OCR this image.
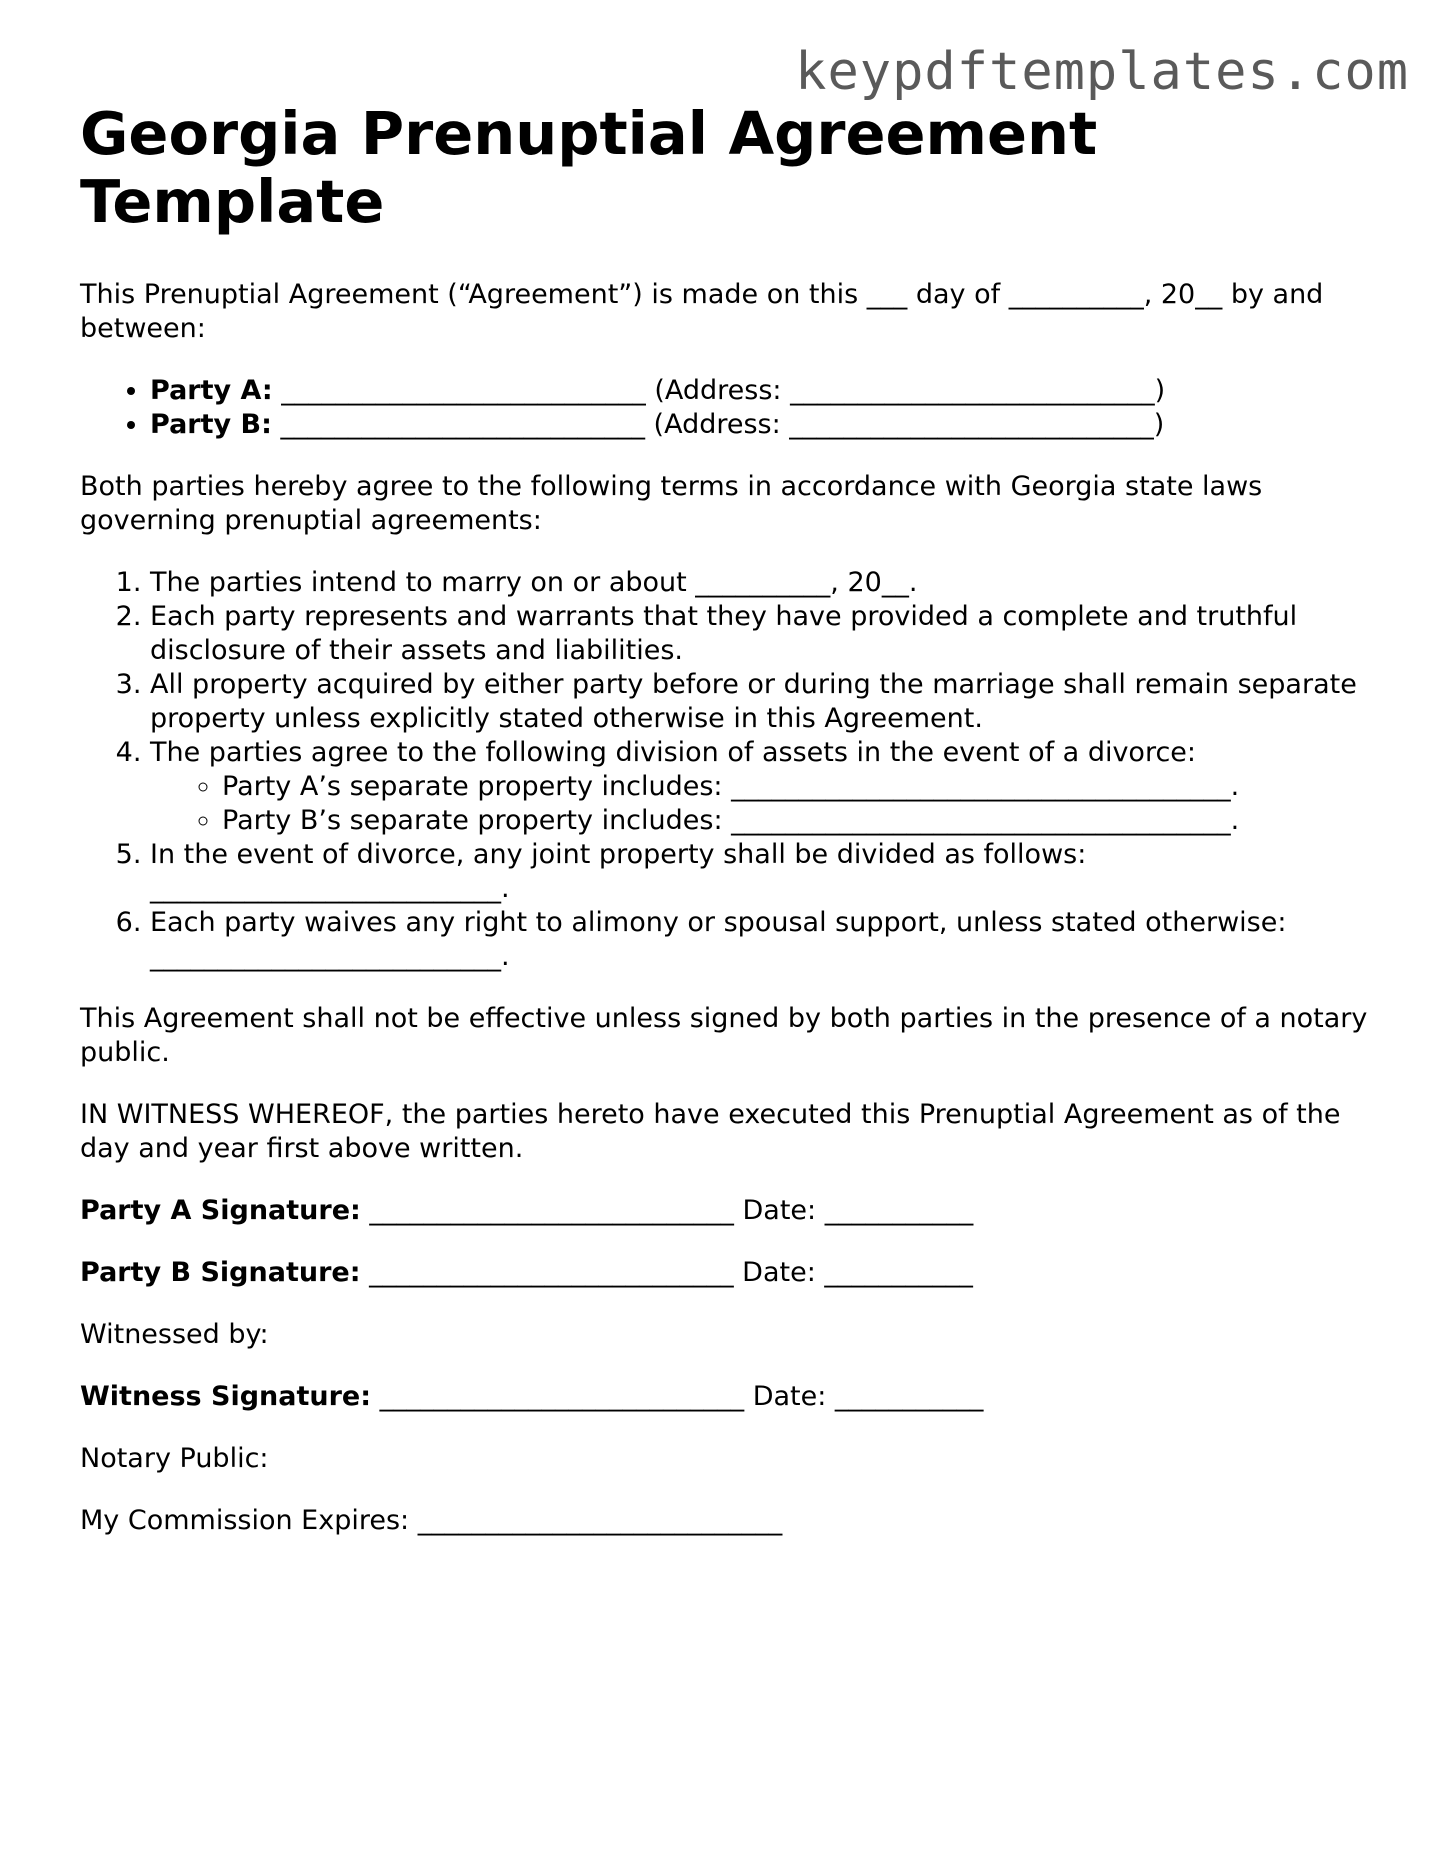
keypdftemplates.com
Georgia Prenuptial Agreement Template

This Prenuptial Agreement (“Agreement”) is made on this ___ day of __________, 20__ by and between:

• Party A: ___________________________ (Address: ___________________________)
• Party B: ___________________________ (Address: ___________________________)

Both parties hereby agree to the following terms in accordance with Georgia state laws governing prenuptial agreements:

1. The parties intend to marry on or about __________, 20__.
2. Each party represents and warrants that they have provided a complete and truthful disclosure of their assets and liabilities.
3. All property acquired by either party before or during the marriage shall remain separate property unless explicitly stated otherwise in this Agreement.
4. The parties agree to the following division of assets in the event of a divorce:
◦ Party A’s separate property includes: _____________________________________.
◦ Party B’s separate property includes: _____________________________________.
5. In the event of divorce, any joint property shall be divided as follows: __________________________.
6. Each party waives any right to alimony or spousal support, unless stated otherwise: __________________________.

This Agreement shall not be effective unless signed by both parties in the presence of a notary public.

IN WITNESS WHEREOF, the parties hereto have executed this Prenuptial Agreement as of the day and year first above written.

Party A Signature: ___________________________ Date: ___________
Party B Signature: ___________________________ Date: ___________
Witnessed by:
Witness Signature: ___________________________ Date: ___________
Notary Public:
My Commission Expires: ___________________________
